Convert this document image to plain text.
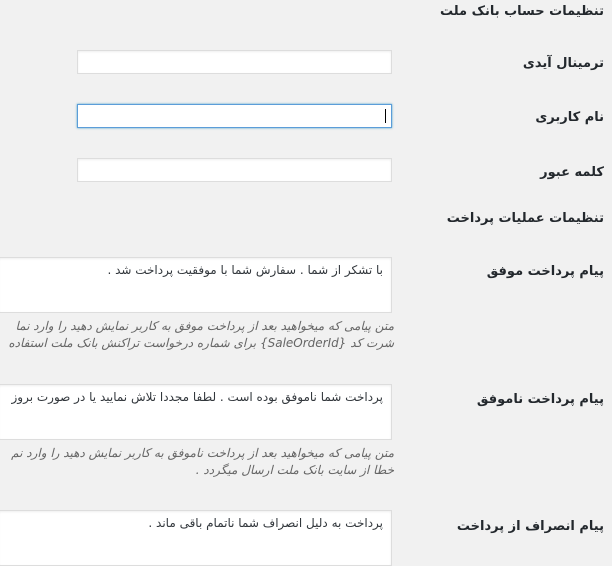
تنظیمات حساب بانک ملت
ترمینال آیدی
نام کاربری
کلمه عبور
تنظیمات عملیات پرداخت
پیام پرداخت موفق
با تشکر از شما . سفارش شما با موفقیت پرداخت شد .
متن پیامی که میخواهید بعد از پرداخت موفق به کاربر نمایش دهید را وارد نما
شرت کد {SaleOrderId} برای شماره درخواست تراکنش بانک ملت استفاده
پیام پرداخت ناموفق
پرداخت شما ناموفق بوده است . لطفا مجددا تلاش نمایید یا در صورت بروز
متن پیامی که میخواهید بعد از پرداخت ناموفق به کاربر نمایش دهید را وارد نم
خطا از سایت بانک ملت ارسال میگردد .
پیام انصراف از پرداخت
پرداخت به دلیل انصراف شما ناتمام باقی ماند .
